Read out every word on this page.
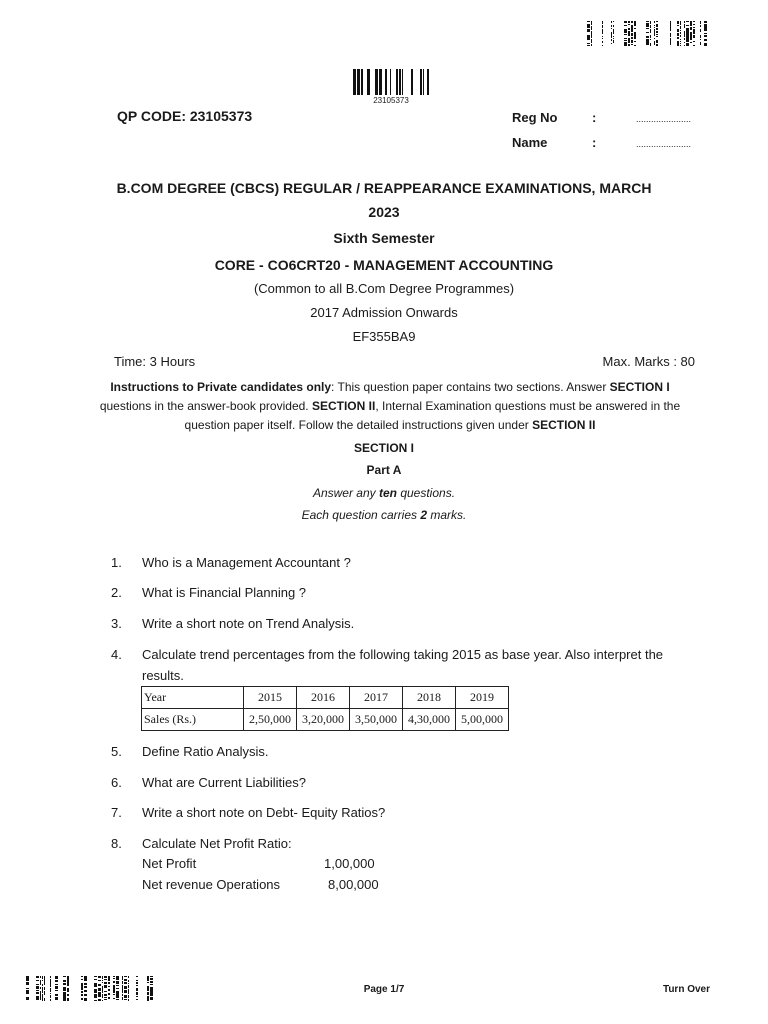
23105373
QP CODE: 23105373	Reg No	:	......................
Name	:	......................
B.COM DEGREE (CBCS) REGULAR / REAPPEARANCE EXAMINATIONS, MARCH
2023
Sixth Semester
CORE - CO6CRT20 - MANAGEMENT ACCOUNTING
(Common to all B.Com Degree Programmes)
2017 Admission Onwards
EF355BA9
Time: 3 Hours	Max. Marks : 80
Instructions to Private candidates only: This question paper contains two sections. Answer SECTION I questions in the answer-book provided. SECTION II, Internal Examination questions must be answered in the question paper itself. Follow the detailed instructions given under SECTION II
SECTION I
Part A
Answer any ten questions.
Each question carries 2 marks.
1. Who is a Management Accountant ?
2. What is Financial Planning ?
3. Write a short note on Trend Analysis.
4. Calculate trend percentages from the following taking 2015 as base year. Also interpret the results.
Year	2015	2016	2017	2018	2019
Sales (Rs.)	2,50,000	3,20,000	3,50,000	4,30,000	5,00,000
5. Define Ratio Analysis.
6. What are Current Liabilities?
7. Write a short note on Debt- Equity Ratios?
8. Calculate Net Profit Ratio:
Net Profit	1,00,000
Net revenue Operations	8,00,000
Page 1/7	Turn Over
